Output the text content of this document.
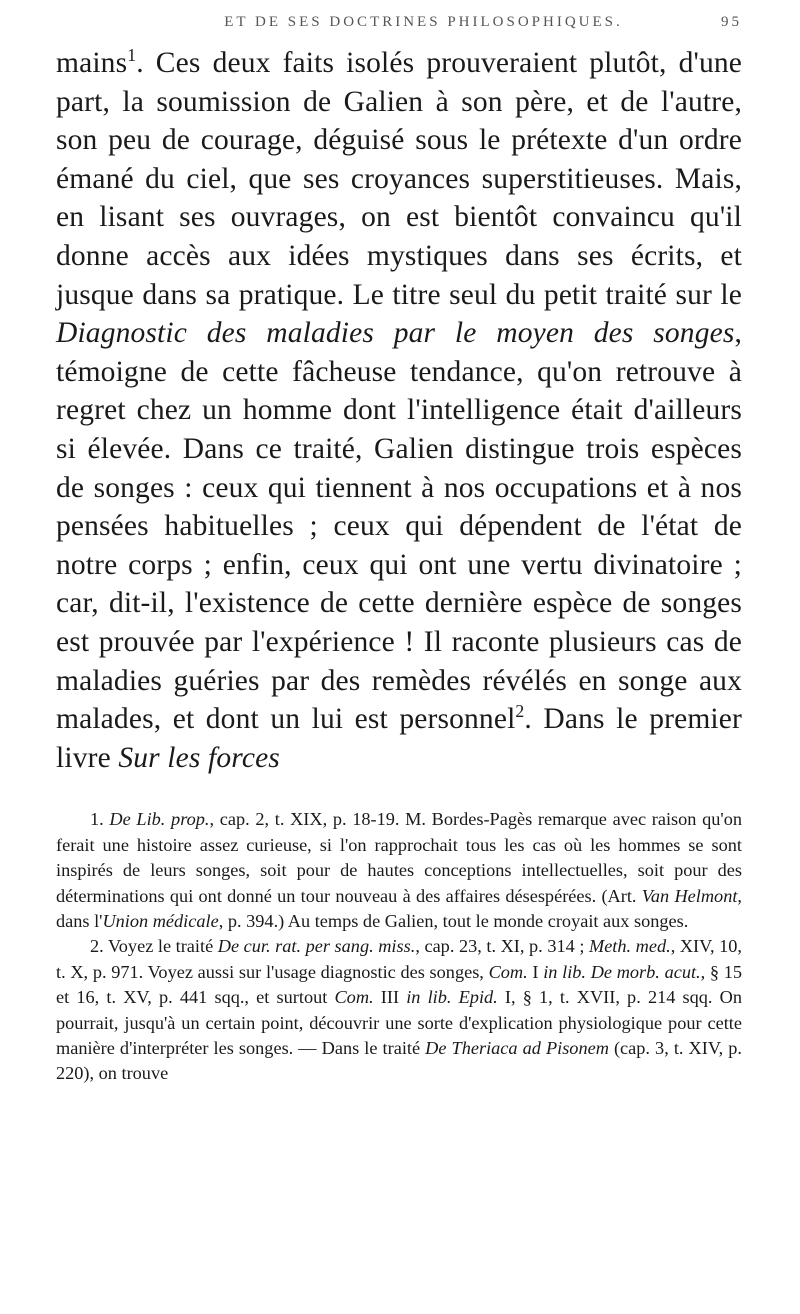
ET DE SES DOCTRINES PHILOSOPHIQUES.	95

mains$^1$. Ces deux faits isolés prouveraient plutôt, d'une part, la soumission de Galien à son père, et de l'autre, son peu de courage, déguisé sous le prétexte d'un ordre émané du ciel, que ses croyances superstitieuses. Mais, en lisant ses ouvrages, on est bientôt convaincu qu'il donne accès aux idées mystiques dans ses écrits, et jusque dans sa pratique. Le titre seul du petit traité sur le Diagnostic des maladies par le moyen des songes, témoigne de cette fâcheuse tendance, qu'on retrouve à regret chez un homme dont l'intelligence était d'ailleurs si élevée. Dans ce traité, Galien distingue trois espèces de songes : ceux qui tiennent à nos occupations et à nos pensées habituelles ; ceux qui dépendent de l'état de notre corps ; enfin, ceux qui ont une vertu divinatoire ; car, dit-il, l'existence de cette dernière espèce de songes est prouvée par l'expérience ! Il raconte plusieurs cas de maladies guéries par des remèdes révélés en songe aux malades, et dont un lui est personnel$^2$. Dans le premier livre Sur les forces

1. De Lib. prop., cap. 2, t. XIX, p. 18-19. M. Bordes-Pagès remarque avec raison qu'on ferait une histoire assez curieuse, si l'on rapprochait tous les cas où les hommes se sont inspirés de leurs songes, soit pour de hautes conceptions intellectuelles, soit pour des déterminations qui ont donné un tour nouveau à des affaires désespérées. (Art. Van Helmont, dans l'Union médicale, p. 394.) Au temps de Galien, tout le monde croyait aux songes.

2. Voyez le traité De cur. rat. per sang. miss., cap. 23, t. XI, p. 314 ; Meth. med., XIV, 10, t. X, p. 971. Voyez aussi sur l'usage diagnostic des songes, Com. I in lib. De morb. acut., § 15 et 16, t. XV, p. 441 sqq., et surtout Com. III in lib. Epid. I, § 1, t. XVII, p. 214 sqq. On pourrait, jusqu'à un certain point, découvrir une sorte d'explication physiologique pour cette manière d'interpréter les songes. — Dans le traité De Theriaca ad Pisonem (cap. 3, t. XIV, p. 220), on trouve
